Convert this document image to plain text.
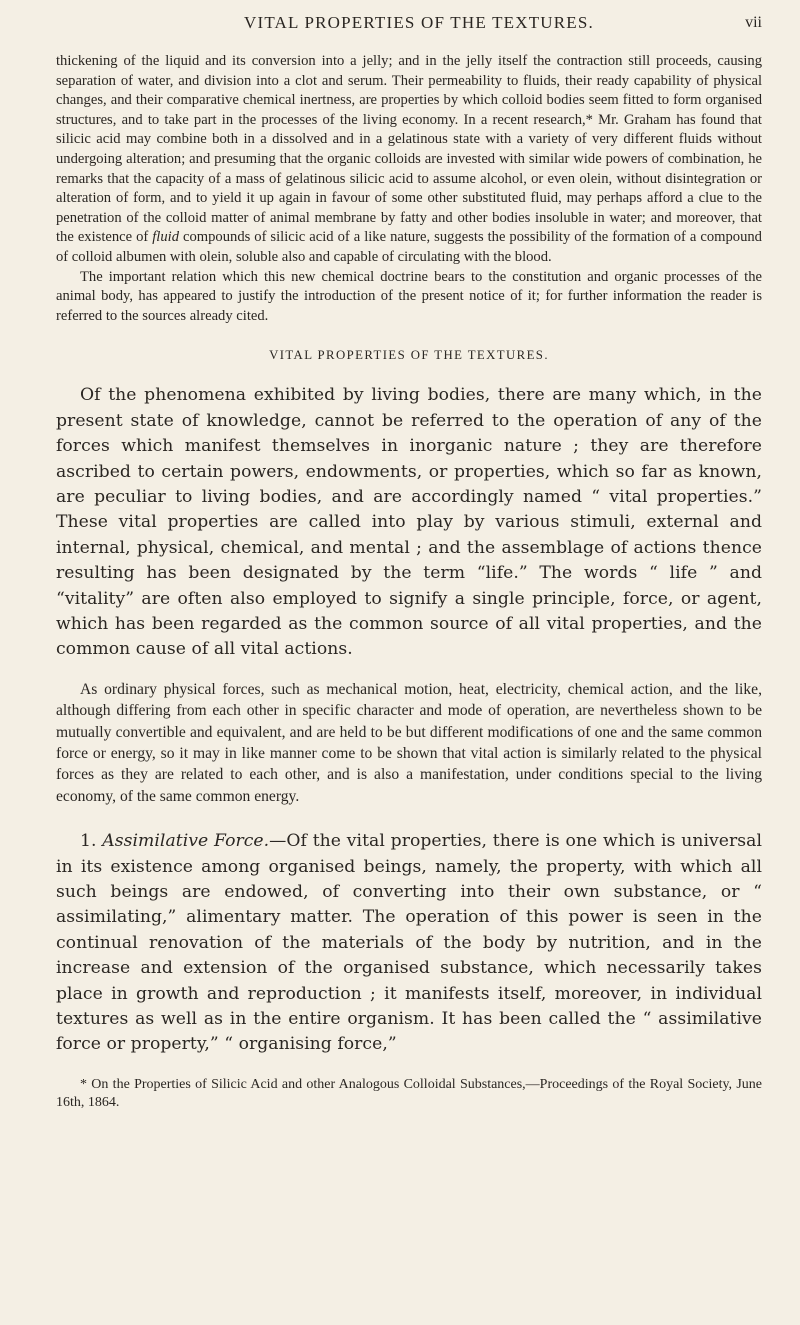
VITAL PROPERTIES OF THE TEXTURES.	vii

thickening of the liquid and its conversion into a jelly; and in the jelly itself the contraction still proceeds, causing separation of water, and division into a clot and serum. Their permeability to fluids, their ready capability of physical changes, and their comparative chemical inertness, are properties by which colloid bodies seem fitted to form organised structures, and to take part in the processes of the living economy. In a recent research,* Mr. Graham has found that silicic acid may combine both in a dissolved and in a gelatinous state with a variety of very different fluids without undergoing alteration; and presuming that the organic colloids are invested with similar wide powers of combination, he remarks that the capacity of a mass of gelatinous silicic acid to assume alcohol, or even olein, without disintegration or alteration of form, and to yield it up again in favour of some other substituted fluid, may perhaps afford a clue to the penetration of the colloid matter of animal membrane by fatty and other bodies insoluble in water; and moreover, that the existence of fluid compounds of silicic acid of a like nature, suggests the possibility of the formation of a compound of colloid albumen with olein, soluble also and capable of circulating with the blood.

The important relation which this new chemical doctrine bears to the constitution and organic processes of the animal body, has appeared to justify the introduction of the present notice of it; for further information the reader is referred to the sources already cited.

VITAL PROPERTIES OF THE TEXTURES.

Of the phenomena exhibited by living bodies, there are many which, in the present state of knowledge, cannot be referred to the operation of any of the forces which manifest themselves in inorganic nature ; they are therefore ascribed to certain powers, endowments, or properties, which so far as known, are peculiar to living bodies, and are accordingly named “ vital properties.” These vital properties are called into play by various stimuli, external and internal, physical, chemical, and mental ; and the assemblage of actions thence resulting has been designated by the term “life.” The words “ life ” and “vitality” are often also employed to signify a single principle, force, or agent, which has been regarded as the common source of all vital properties, and the common cause of all vital actions.

As ordinary physical forces, such as mechanical motion, heat, electricity, chemical action, and the like, although differing from each other in specific character and mode of operation, are nevertheless shown to be mutually convertible and equivalent, and are held to be but different modifications of one and the same common force or energy, so it may in like manner come to be shown that vital action is similarly related to the physical forces as they are related to each other, and is also a manifestation, under conditions special to the living economy, of the same common energy.

1. Assimilative Force.—Of the vital properties, there is one which is universal in its existence among organised beings, namely, the property, with which all such beings are endowed, of converting into their own substance, or “ assimilating,” alimentary matter. The operation of this power is seen in the continual renovation of the materials of the body by nutrition, and in the increase and extension of the organised substance, which necessarily takes place in growth and reproduction ; it manifests itself, moreover, in individual textures as well as in the entire organism. It has been called the “ assimilative force or property,” “ organising force,”

* On the Properties of Silicic Acid and other Analogous Colloidal Substances,—Proceedings of the Royal Society, June 16th, 1864.
